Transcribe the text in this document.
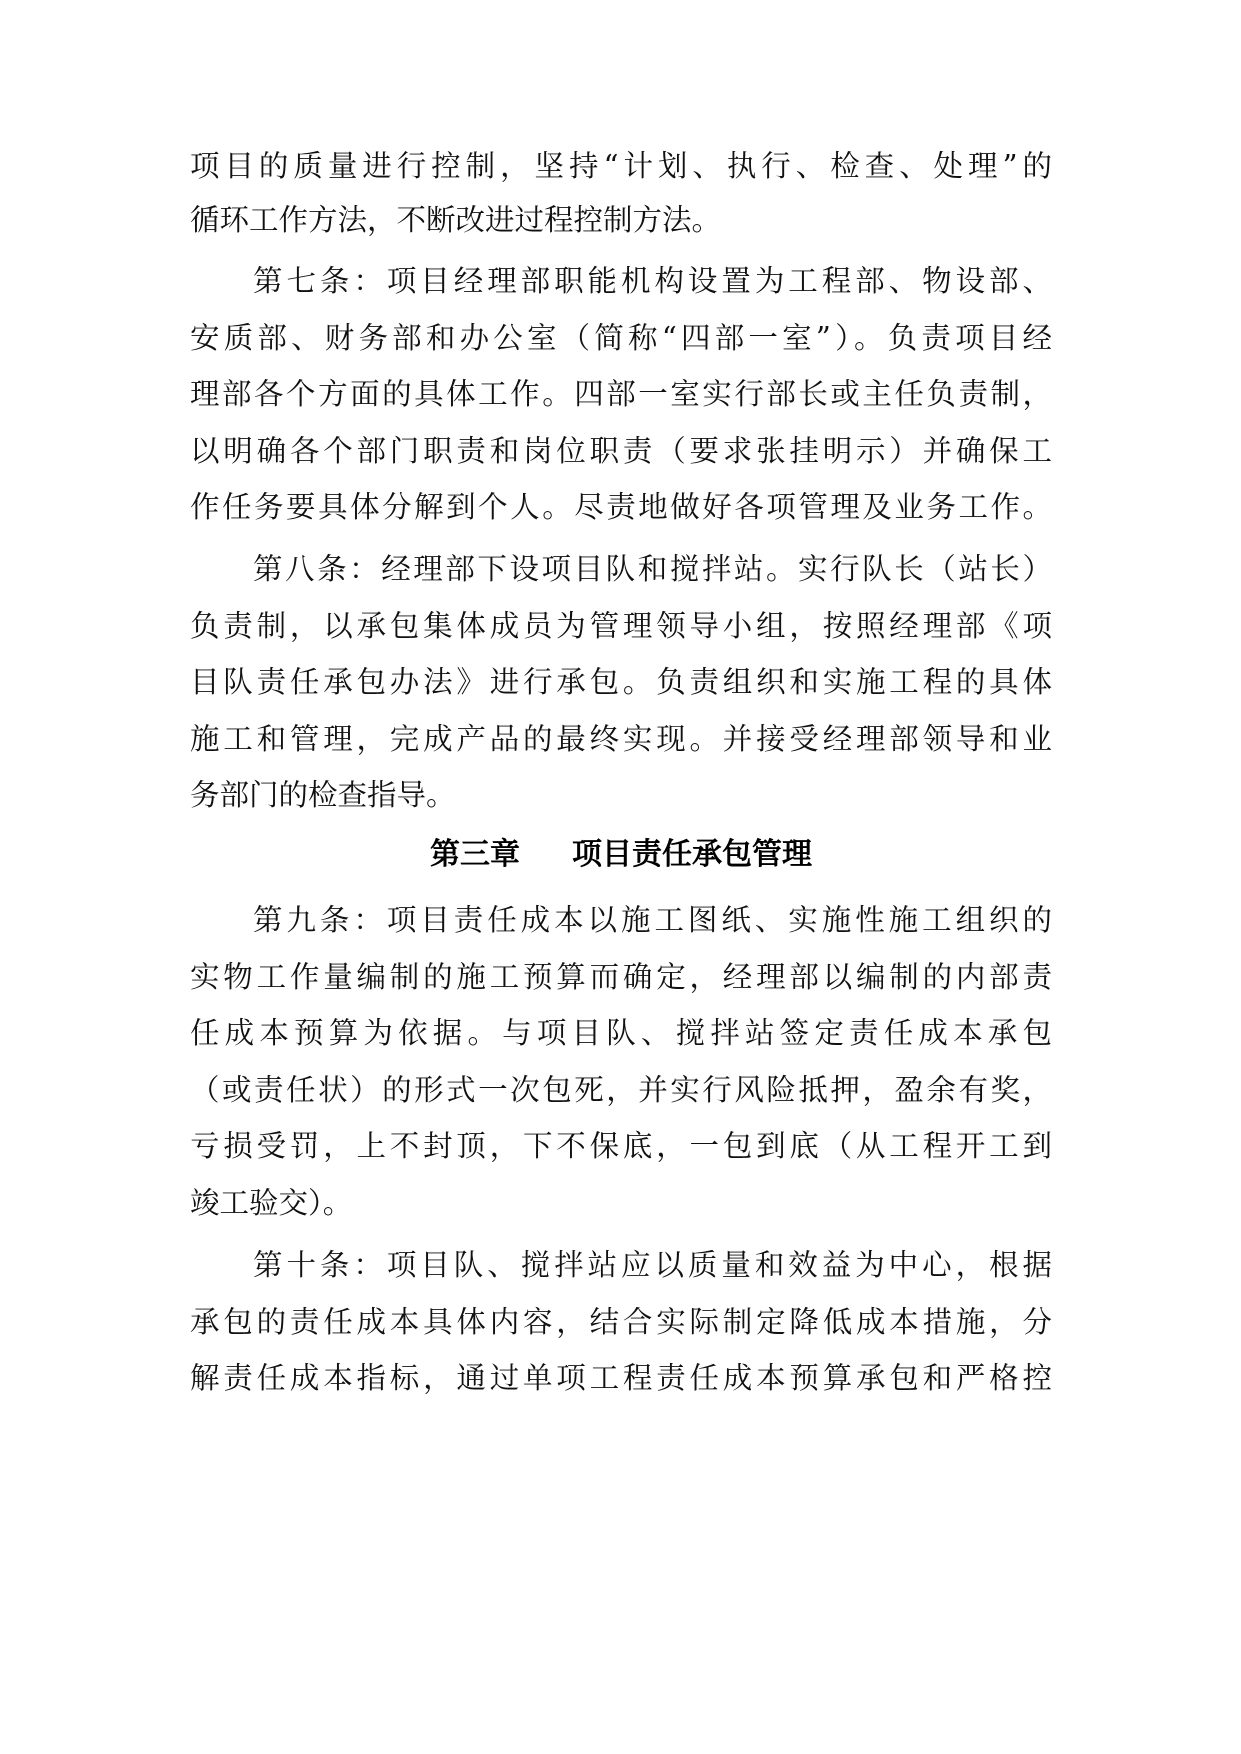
项目的质量进行控制，坚持“计划、执行、检查、处理”的
循环工作方法，不断改进过程控制方法。
第七条：项目经理部职能机构设置为工程部、物设部、
安质部、财务部和办公室（简称“四部一室”）。负责项目经
理部各个方面的具体工作。四部一室实行部长或主任负责制，
以明确各个部门职责和岗位职责（要求张挂明示）并确保工
作任务要具体分解到个人。尽责地做好各项管理及业务工作。
第八条：经理部下设项目队和搅拌站。实行队长（站长）
负责制，以承包集体成员为管理领导小组，按照经理部《项
目队责任承包办法》进行承包。负责组织和实施工程的具体
施工和管理，完成产品的最终实现。并接受经理部领导和业
务部门的检查指导。
第三章 项目责任承包管理
第九条：项目责任成本以施工图纸、实施性施工组织的
实物工作量编制的施工预算而确定，经理部以编制的内部责
任成本预算为依据。与项目队、搅拌站签定责任成本承包
（或责任状）的形式一次包死，并实行风险抵押，盈余有奖，
亏损受罚，上不封顶，下不保底，一包到底（从工程开工到
竣工验交）。
第十条：项目队、搅拌站应以质量和效益为中心，根据
承包的责任成本具体内容，结合实际制定降低成本措施，分
解责任成本指标，通过单项工程责任成本预算承包和严格控
